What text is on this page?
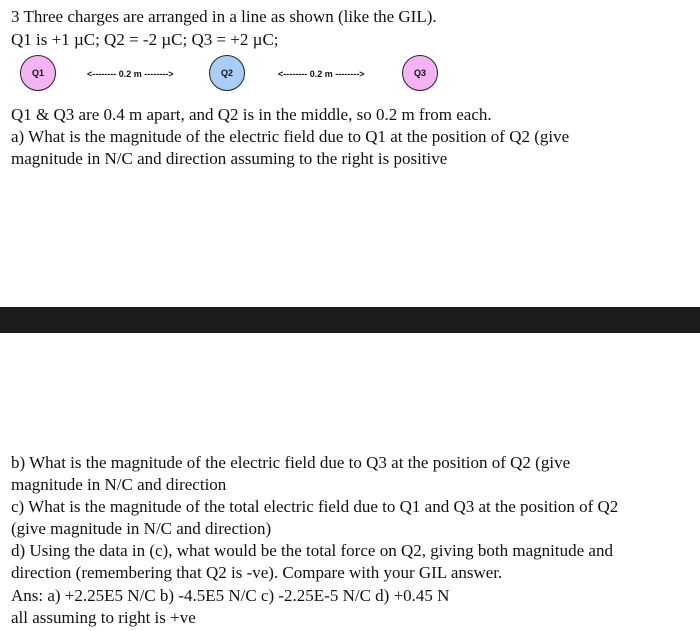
3 Three charges are arranged in a line as shown (like the GIL).
Q1 is +1 µC; Q2 = -2 µC; Q3 = +2 µC;
Q1	<-------- 0.2 m -------->	Q2	<-------- 0.2 m -------->	Q3
Q1 & Q3 are 0.4 m apart, and Q2 is in the middle, so 0.2 m from each.
a) What is the magnitude of the electric field due to Q1 at the position of Q2 (give
magnitude in N/C and direction assuming to the right is positive
b) What is the magnitude of the electric field due to Q3 at the position of Q2 (give
magnitude in N/C and direction
c) What is the magnitude of the total electric field due to Q1 and Q3 at the position of Q2
(give magnitude in N/C and direction)
d) Using the data in (c), what would be the total force on Q2, giving both magnitude and
direction (remembering that Q2 is -ve). Compare with your GIL answer.
Ans: a) +2.25E5 N/C b) -4.5E5 N/C c) -2.25E-5 N/C d) +0.45 N
all assuming to right is +ve
